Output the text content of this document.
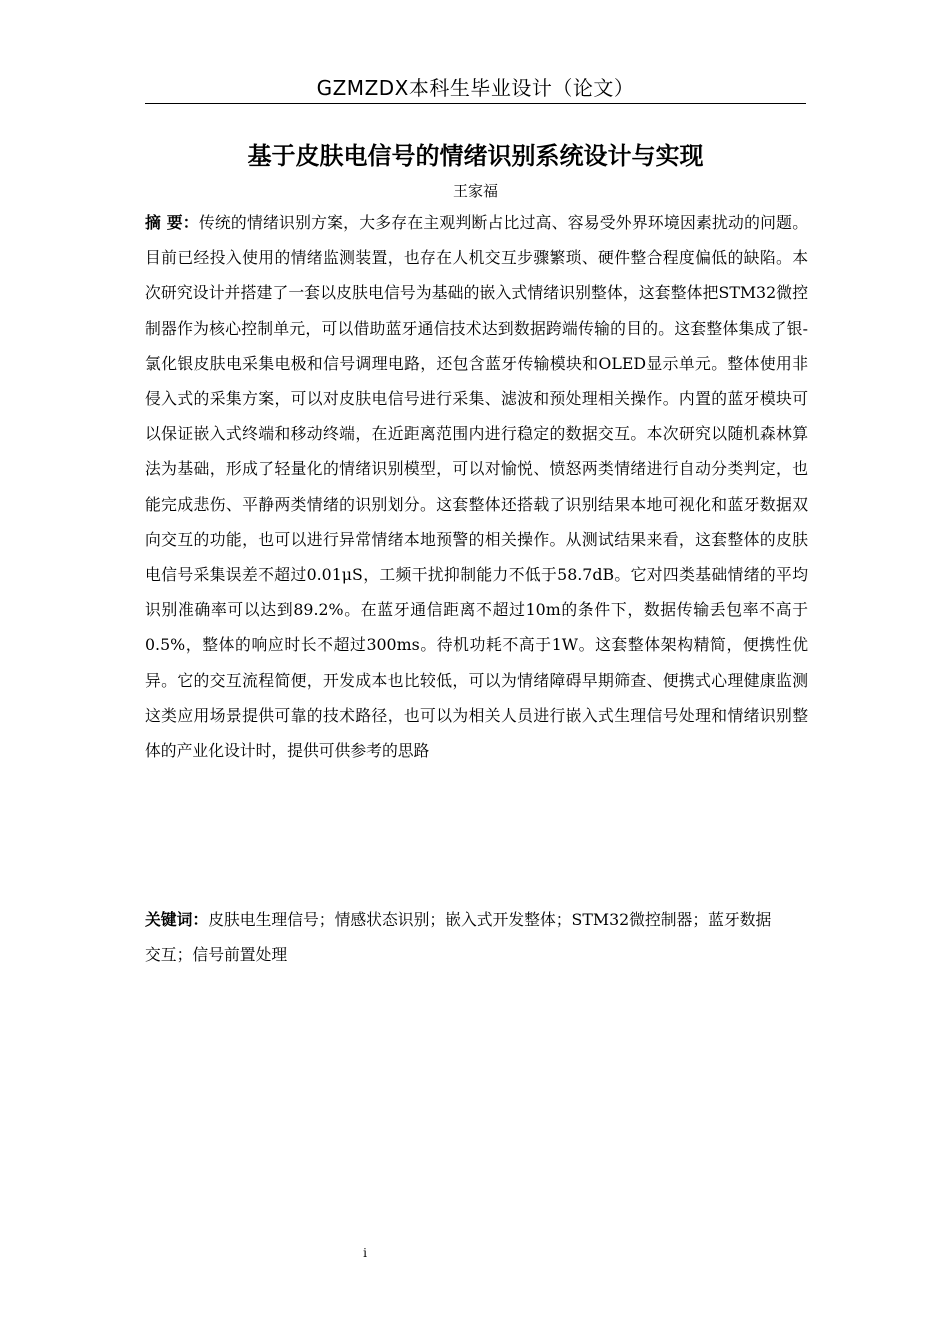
GZMZDX本科生毕业设计（论文）
基于皮肤电信号的情绪识别系统设计与实现
王家福

摘 要：传统的情绪识别方案，大多存在主观判断占比过高、容易受外界环境因素扰动的问题。目前已经投入使用的情绪监测装置，也存在人机交互步骤繁琐、硬件整合程度偏低的缺陷。本次研究设计并搭建了一套以皮肤电信号为基础的嵌入式情绪识别整体，这套整体把STM32微控制器作为核心控制单元，可以借助蓝牙通信技术达到数据跨端传输的目的。这套整体集成了银-氯化银皮肤电采集电极和信号调理电路，还包含蓝牙传输模块和OLED显示单元。整体使用非侵入式的采集方案，可以对皮肤电信号进行采集、滤波和预处理相关操作。内置的蓝牙模块可以保证嵌入式终端和移动终端，在近距离范围内进行稳定的数据交互。本次研究以随机森林算法为基础，形成了轻量化的情绪识别模型，可以对愉悦、愤怒两类情绪进行自动分类判定，也能完成悲伤、平静两类情绪的识别划分。这套整体还搭载了识别结果本地可视化和蓝牙数据双向交互的功能，也可以进行异常情绪本地预警的相关操作。从测试结果来看，这套整体的皮肤电信号采集误差不超过0.01μS，工频干扰抑制能力不低于58.7dB。它对四类基础情绪的平均识别准确率可以达到89.2%。在蓝牙通信距离不超过10m的条件下，数据传输丢包率不高于0.5%，整体的响应时长不超过300ms。待机功耗不高于1W。这套整体架构精简，便携性优异。它的交互流程简便，开发成本也比较低，可以为情绪障碍早期筛查、便携式心理健康监测这类应用场景提供可靠的技术路径，也可以为相关人员进行嵌入式生理信号处理和情绪识别整体的产业化设计时，提供可供参考的思路

关键词：皮肤电生理信号；情感状态识别；嵌入式开发整体；STM32微控制器；蓝牙数据交互；信号前置处理

i
